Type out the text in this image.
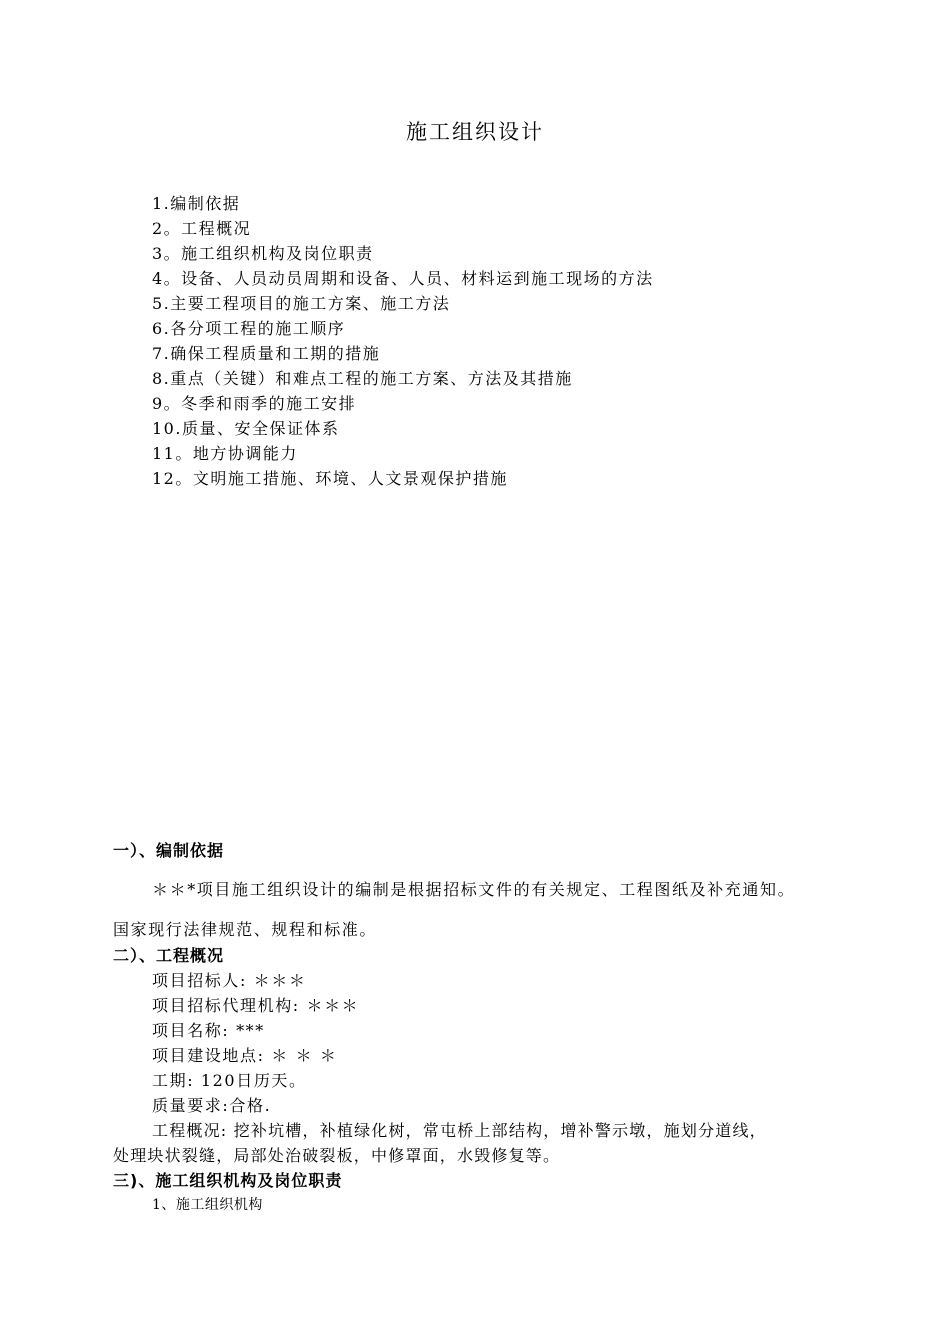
施工组织设计
1.编制依据
2。工程概况
3。施工组织机构及岗位职责
4。设备、人员动员周期和设备、人员、材料运到施工现场的方法
5.主要工程项目的施工方案、施工方法
6.各分项工程的施工顺序
7.确保工程质量和工期的措施
8.重点（关键）和难点工程的施工方案、方法及其措施
9。冬季和雨季的施工安排
10.质量、安全保证体系
11。地方协调能力
12。文明施工措施、环境、人文景观保护措施
一）、编制依据
＊＊*项目施工组织设计的编制是根据招标文件的有关规定、工程图纸及补充通知。
国家现行法律规范、规程和标准。
二）、工程概况
项目招标人: ＊＊＊
项目招标代理机构: ＊＊＊
项目名称: ***
项目建设地点: ＊ ＊ ＊
工期: 120日历天。
质量要求:合格.
工程概况: 挖补坑槽，补植绿化树，常屯桥上部结构，增补警示墩，施划分道线，
处理块状裂缝，局部处治破裂板，中修罩面，水毁修复等。
三)、施工组织机构及岗位职责
1、施工组织机构
